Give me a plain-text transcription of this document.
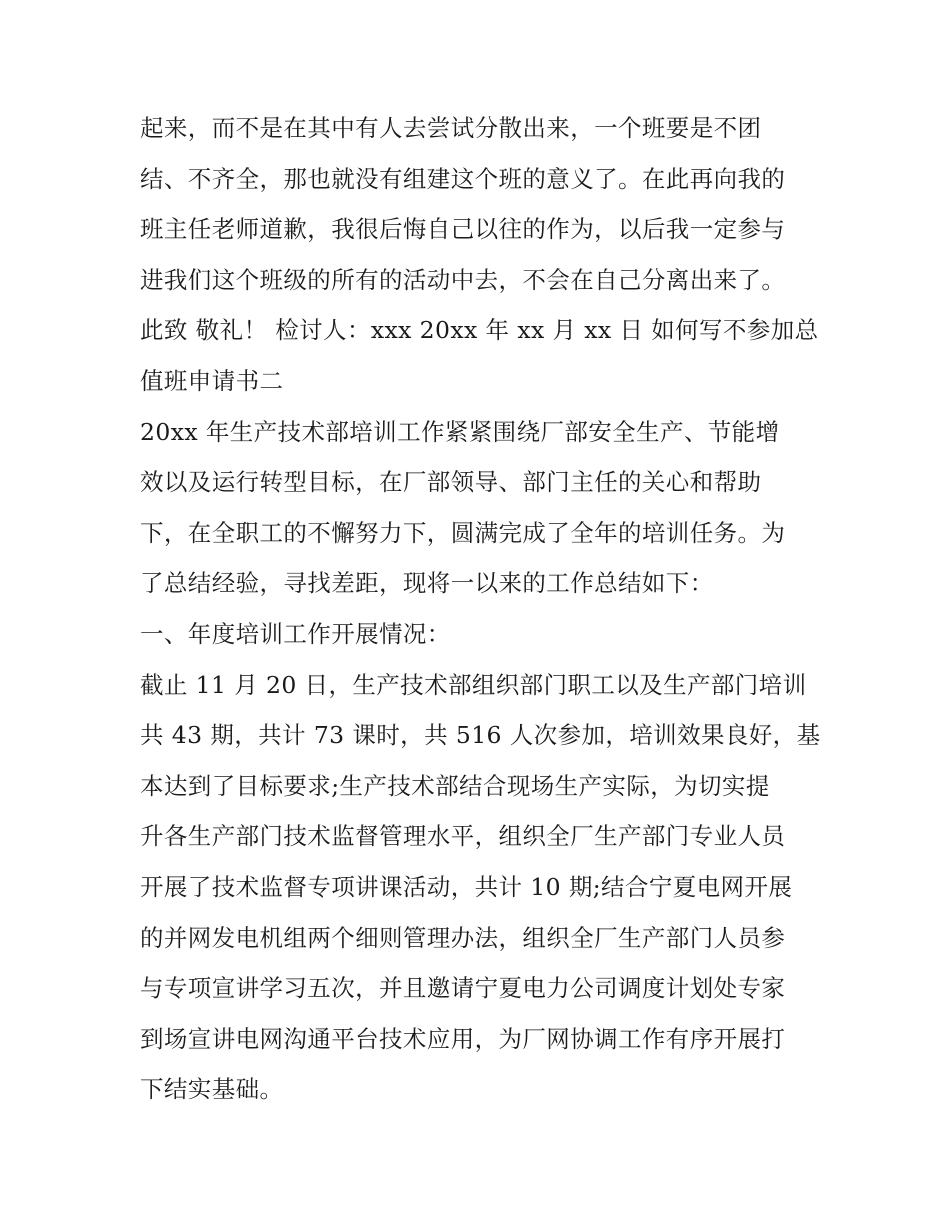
起来，而不是在其中有人去尝试分散出来，一个班要是不团
结、不齐全，那也就没有组建这个班的意义了。在此再向我的
班主任老师道歉，我很后悔自己以往的作为，以后我一定参与
进我们这个班级的所有的活动中去，不会在自己分离出来了。
此致 敬礼！ 检讨人：xxx 20xx 年 xx 月 xx 日 如何写不参加总
值班申请书二
20xx 年生产技术部培训工作紧紧围绕厂部安全生产、节能增
效以及运行转型目标，在厂部领导、部门主任的关心和帮助
下，在全职工的不懈努力下，圆满完成了全年的培训任务。为
了总结经验，寻找差距，现将一以来的工作总结如下：
一、年度培训工作开展情况：
截止 11 月 20 日，生产技术部组织部门职工以及生产部门培训
共 43 期，共计 73 课时，共 516 人次参加，培训效果良好，基
本达到了目标要求;生产技术部结合现场生产实际，为切实提
升各生产部门技术监督管理水平，组织全厂生产部门专业人员
开展了技术监督专项讲课活动，共计 10 期;结合宁夏电网开展
的并网发电机组两个细则管理办法，组织全厂生产部门人员参
与专项宣讲学习五次，并且邀请宁夏电力公司调度计划处专家
到场宣讲电网沟通平台技术应用，为厂网协调工作有序开展打
下结实基础。
